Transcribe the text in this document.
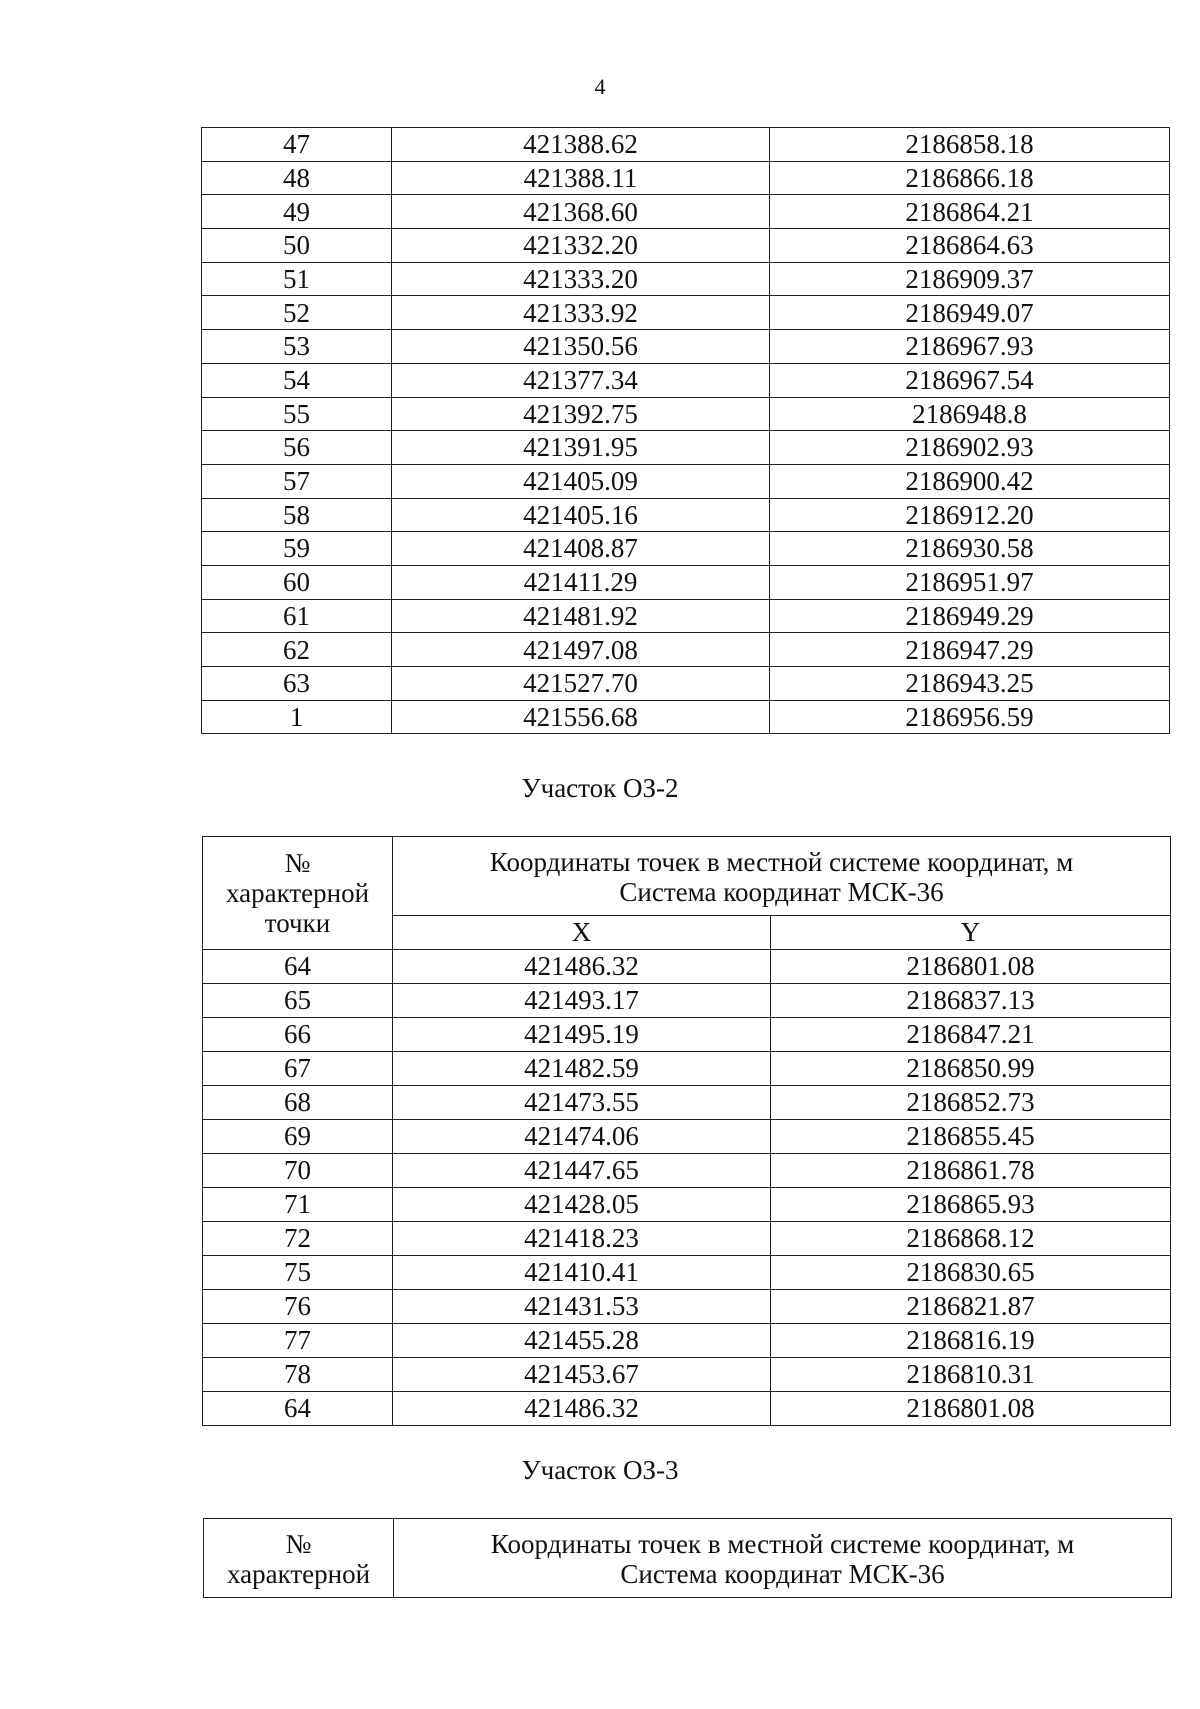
4
47	421388.62	2186858.18
48	421388.11	2186866.18
49	421368.60	2186864.21
50	421332.20	2186864.63
51	421333.20	2186909.37
52	421333.92	2186949.07
53	421350.56	2186967.93
54	421377.34	2186967.54
55	421392.75	2186948.8
56	421391.95	2186902.93
57	421405.09	2186900.42
58	421405.16	2186912.20
59	421408.87	2186930.58
60	421411.29	2186951.97
61	421481.92	2186949.29
62	421497.08	2186947.29
63	421527.70	2186943.25
1	421556.68	2186956.59
Участок ОЗ-2
№
характерной
точки	Координаты точек в местной системе координат, м
Система координат МСК-36	

	X	Y
64	421486.32	2186801.08
65	421493.17	2186837.13
66	421495.19	2186847.21
67	421482.59	2186850.99
68	421473.55	2186852.73
69	421474.06	2186855.45
70	421447.65	2186861.78
71	421428.05	2186865.93
72	421418.23	2186868.12
75	421410.41	2186830.65
76	421431.53	2186821.87
77	421455.28	2186816.19
78	421453.67	2186810.31
64	421486.32	2186801.08
Участок ОЗ-3
№
характерной

Координаты точек в местной системе координат, м
Система координат МСК-36
